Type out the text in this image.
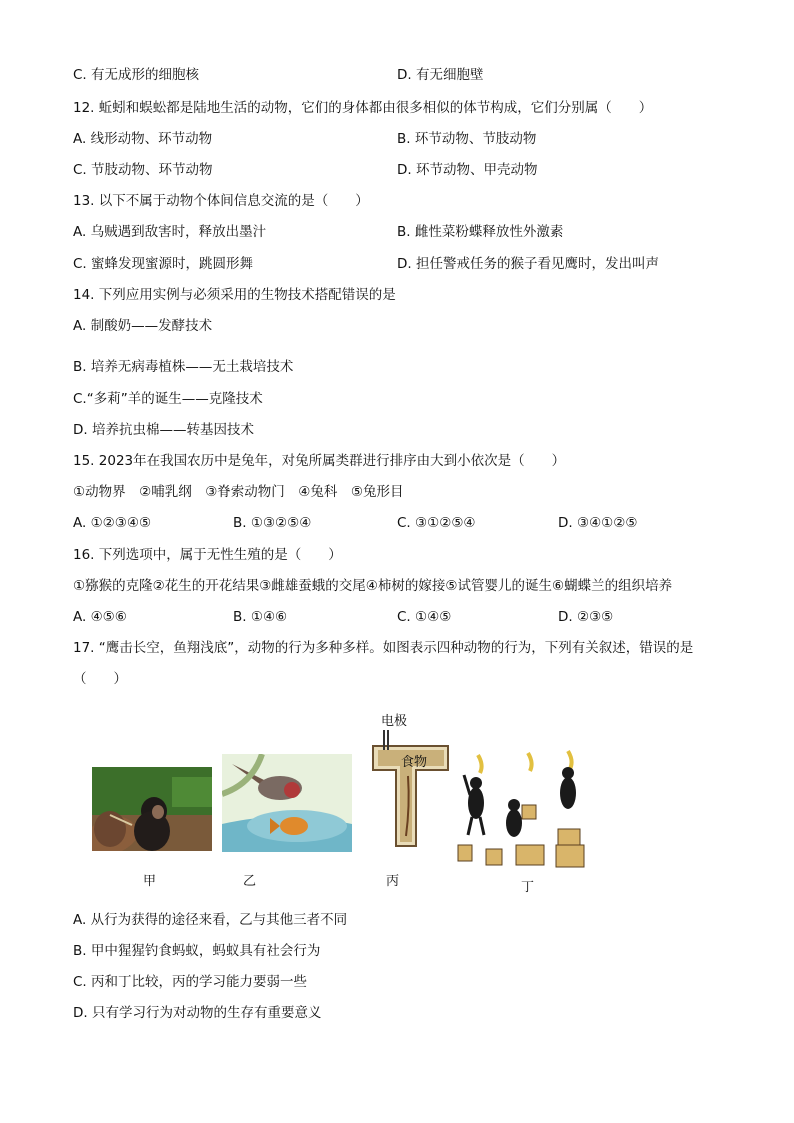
C. 有无成形的细胞核	D. 有无细胞壁
12. 蚯蚓和蜈蚣都是陆地生活的动物，它们的身体都由很多相似的体节构成，它们分别属（　　）
A. 线形动物、环节动物	B. 环节动物、节肢动物
C. 节肢动物、环节动物	D. 环节动物、甲壳动物
13. 以下不属于动物个体间信息交流的是（　　）
A. 乌贼遇到敌害时，释放出墨汁	B. 雌性菜粉蝶释放性外激素
C. 蜜蜂发现蜜源时，跳圆形舞	D. 担任警戒任务的猴子看见鹰时，发出叫声
14. 下列应用实例与必须采用的生物技术搭配错误的是
A. 制酸奶——发酵技术
B. 培养无病毒植株——无土栽培技术
C.“多莉”羊的诞生——克隆技术
D. 培养抗虫棉——转基因技术
15. 2023年在我国农历中是兔年，对兔所属类群进行排序由大到小依次是（　　）
①动物界　②哺乳纲　③脊索动物门　④兔科　⑤兔形目
A. ①②③④⑤	B. ①③②⑤④	C. ③①②⑤④	D. ③④①②⑤
16. 下列选项中，属于无性生殖的是（　　）
①猕猴的克隆②花生的开花结果③雌雄蚕蛾的交尾④柿树的嫁接⑤试管婴儿的诞生⑥蝴蝶兰的组织培养
A. ④⑤⑥	B. ①④⑥	C. ①④⑤	D. ②③⑤
17. “鹰击长空，鱼翔浅底”，动物的行为多种多样。如图表示四种动物的行为，下列有关叙述，错误的是
（　　）
甲	乙
电极
食物
丙	丁
A. 从行为获得的途径来看，乙与其他三者不同
B. 甲中猩猩钓食蚂蚁，蚂蚁具有社会行为
C. 丙和丁比较，丙的学习能力要弱一些
D. 只有学习行为对动物的生存有重要意义
